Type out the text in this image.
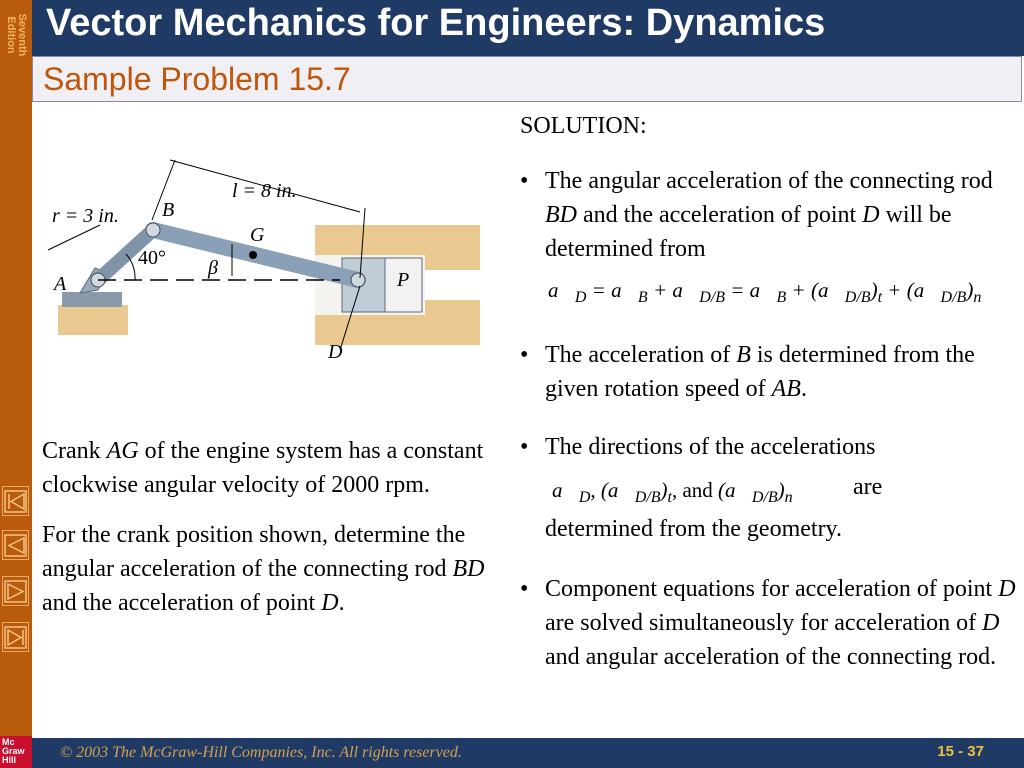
Seventh Edition
Mc Graw Hill
Vector Mechanics for Engineers: Dynamics
Sample Problem 15.7
r = 3 in. B
l = 8 in.
G
40° β
A	P
D

Crank AG of the engine system has a constant clockwise angular velocity of 2000 rpm.

For the crank position shown, determine the angular acceleration of the connecting rod BD and the acceleration of point D.

SOLUTION:
• The angular acceleration of the connecting rod BD and the acceleration of point D will be determined from
$a⃗_D$ = $a⃗_B$ + $a⃗_{D/B}$ = $a⃗_B$ + $(a⃗_{D/B})_t$ + $(a⃗_{D/B})_n$
• The acceleration of B is determined from the given rotation speed of AB.
• The directions of the accelerations
$a⃗_D$, $(a⃗_{D/B})_t$, and $(a⃗_{D/B})_n$	are
determined from the geometry.
• Component equations for acceleration of point D are solved simultaneously for acceleration of D and angular acceleration of the connecting rod.
© 2003 The McGraw-Hill Companies, Inc. All rights reserved.	15 - 37
